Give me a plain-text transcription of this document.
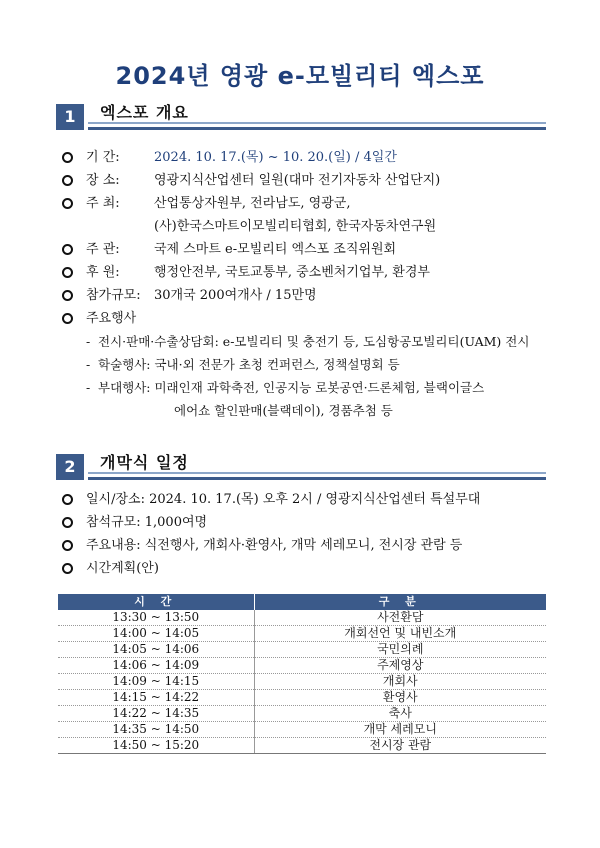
2024년 영광 e-모빌리티 엑스포
1	엑스포 개요
기 간:	2024. 10. 17.(목) ~ 10. 20.(일) / 4일간
장 소:	영광지식산업센터 일원(대마 전기자동차 산업단지)
주 최:	산업통상자원부, 전라남도, 영광군,
(사)한국스마트이모빌리티협회, 한국자동차연구원
주 관:	국제 스마트 e-모빌리티 엑스포 조직위원회
후 원:	행정안전부, 국토교통부, 중소벤처기업부, 환경부
참가규모: 30개국 200여개사 / 15만명
주요행사
- 전시·판매·수출상담회: e-모빌리티 및 충전기 등, 도심항공모빌리티(UAM) 전시
- 학술행사: 국내·외 전문가 초청 컨퍼런스, 정책설명회 등
- 부대행사: 미래인재 과학축전, 인공지능 로봇공연·드론체험, 블랙이글스
에어쇼 할인판매(블랙데이), 경품추첨 등
2	개막식 일정
일시/장소: 2024. 10. 17.(목) 오후 2시 / 영광지식산업센터 특설무대
참석규모: 1,000여명
주요내용: 식전행사, 개회사·환영사, 개막 세레모니, 전시장 관람 등
시간계획(안)
시 간	구 분
13:30 ~ 13:50	사전환담
14:00 ~ 14:05	개회선언 및 내빈소개
14:05 ~ 14:06	국민의례
14:06 ~ 14:09	주제영상
14:09 ~ 14:15	개회사
14:15 ~ 14:22	환영사
14:22 ~ 14:35	축사
14:35 ~ 14:50	개막 세레모니
14:50 ~ 15:20	전시장 관람
